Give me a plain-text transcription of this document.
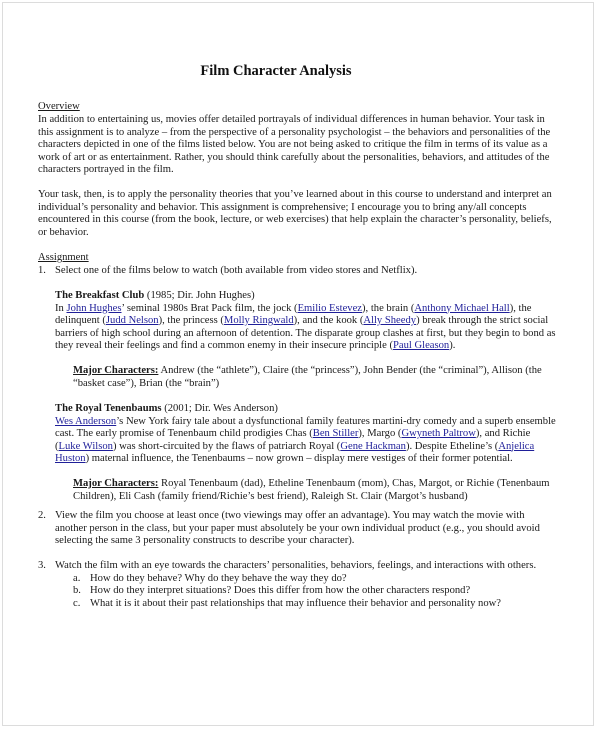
Film Character Analysis
Overview
In addition to entertaining us, movies offer detailed portrayals of individual differences in human behavior. Your task in
this assignment is to analyze – from the perspective of a personality psychologist – the behaviors and personalities of the
characters depicted in one of the films listed below. You are not being asked to critique the film in terms of its value as a
work of art or as entertainment. Rather, you should think carefully about the personalities, behaviors, and attitudes of the
characters portrayed in the film.
Your task, then, is to apply the personality theories that you’ve learned about in this course to understand and interpret an
individual’s personality and behavior. This assignment is comprehensive; I encourage you to bring any/all concepts
encountered in this course (from the book, lecture, or web exercises) that help explain the character’s personality, beliefs,
or behavior.
Assignment
1. Select one of the films below to watch (both available from video stores and Netflix).
The Breakfast Club (1985; Dir. John Hughes)
In John Hughes’ seminal 1980s Brat Pack film, the jock (Emilio Estevez), the brain (Anthony Michael Hall), the
delinquent (Judd Nelson), the princess (Molly Ringwald), and the kook (Ally Sheedy) break through the strict social
barriers of high school during an afternoon of detention. The disparate group clashes at first, but they begin to bond as
they reveal their feelings and find a common enemy in their insecure principle (Paul Gleason).
Major Characters: Andrew (the “athlete”), Claire (the “princess”), John Bender (the “criminal”), Allison (the
“basket case”), Brian (the “brain”)
The Royal Tenenbaums (2001; Dir. Wes Anderson)
Wes Anderson’s New York fairy tale about a dysfunctional family features martini-dry comedy and a superb ensemble
cast. The early promise of Tenenbaum child prodigies Chas (Ben Stiller), Margo (Gwyneth Paltrow), and Richie
(Luke Wilson) was short-circuited by the flaws of patriarch Royal (Gene Hackman). Despite Etheline’s (Anjelica
Huston) maternal influence, the Tenenbaums – now grown – display mere vestiges of their former potential.
Major Characters: Royal Tenenbaum (dad), Etheline Tenenbaum (mom), Chas, Margot, or Richie (Tenenbaum
Children), Eli Cash (family friend/Richie’s best friend), Raleigh St. Clair (Margot’s husband)
2. View the film you choose at least once (two viewings may offer an advantage). You may watch the movie with
another person in the class, but your paper must absolutely be your own individual product (e.g., you should avoid
selecting the same 3 personality constructs to describe your character).
3. Watch the film with an eye towards the characters’ personalities, behaviors, feelings, and interactions with others.
a. How do they behave? Why do they behave the way they do?
b. How do they interpret situations? Does this differ from how the other characters respond?
c. What it is it about their past relationships that may influence their behavior and personality now?
